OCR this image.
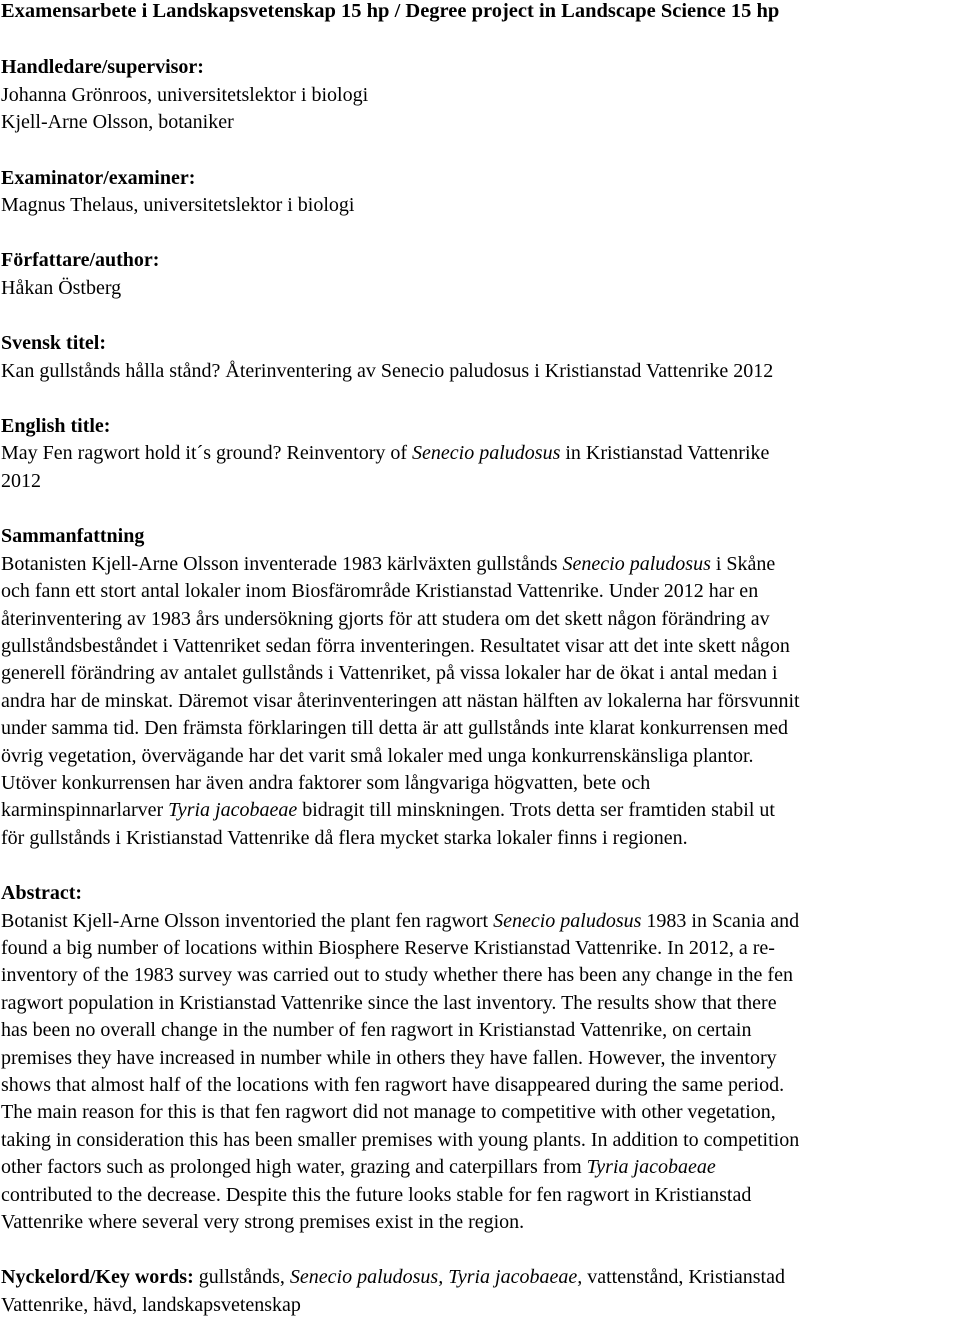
Examensarbete i Landskapsvetenskap 15 hp / Degree project in Landscape Science 15 hp
Handledare/supervisor:
Johanna Grönroos, universitetslektor i biologi
Kjell-Arne Olsson, botaniker
Examinator/examiner:
Magnus Thelaus, universitetslektor i biologi
Författare/author:
Håkan Östberg
Svensk titel:
Kan gullstånds hålla stånd? Återinventering av Senecio paludosus i Kristianstad Vattenrike 2012
English title:
May Fen ragwort hold it´s ground? Reinventory of Senecio paludosus in Kristianstad Vattenrike
2012
Sammanfattning
Botanisten Kjell-Arne Olsson inventerade 1983 kärlväxten gullstånds Senecio paludosus i Skåne
och fann ett stort antal lokaler inom Biosfärområde Kristianstad Vattenrike. Under 2012 har en
återinventering av 1983 års undersökning gjorts för att studera om det skett någon förändring av
gullståndsbeståndet i Vattenriket sedan förra inventeringen. Resultatet visar att det inte skett någon
generell förändring av antalet gullstånds i Vattenriket, på vissa lokaler har de ökat i antal medan i
andra har de minskat. Däremot visar återinventeringen att nästan hälften av lokalerna har försvunnit
under samma tid. Den främsta förklaringen till detta är att gullstånds inte klarat konkurrensen med
övrig vegetation, övervägande har det varit små lokaler med unga konkurrenskänsliga plantor.
Utöver konkurrensen har även andra faktorer som långvariga högvatten, bete och
karminspinnarlarver Tyria jacobaeae bidragit till minskningen. Trots detta ser framtiden stabil ut
för gullstånds i Kristianstad Vattenrike då flera mycket starka lokaler finns i regionen.
Abstract:
Botanist Kjell-Arne Olsson inventoried the plant fen ragwort Senecio paludosus 1983 in Scania and
found a big number of locations within Biosphere Reserve Kristianstad Vattenrike. In 2012, a re-
inventory of the 1983 survey was carried out to study whether there has been any change in the fen
ragwort population in Kristianstad Vattenrike since the last inventory. The results show that there
has been no overall change in the number of fen ragwort in Kristianstad Vattenrike, on certain
premises they have increased in number while in others they have fallen. However, the inventory
shows that almost half of the locations with fen ragwort have disappeared during the same period.
The main reason for this is that fen ragwort did not manage to competitive with other vegetation,
taking in consideration this has been smaller premises with young plants. In addition to competition
other factors such as prolonged high water, grazing and caterpillars from Tyria jacobaeae
contributed to the decrease. Despite this the future looks stable for fen ragwort in Kristianstad
Vattenrike where several very strong premises exist in the region.
Nyckelord/Key words: gullstånds, Senecio paludosus, Tyria jacobaeae, vattenstånd, Kristianstad
Vattenrike, hävd, landskapsvetenskap
